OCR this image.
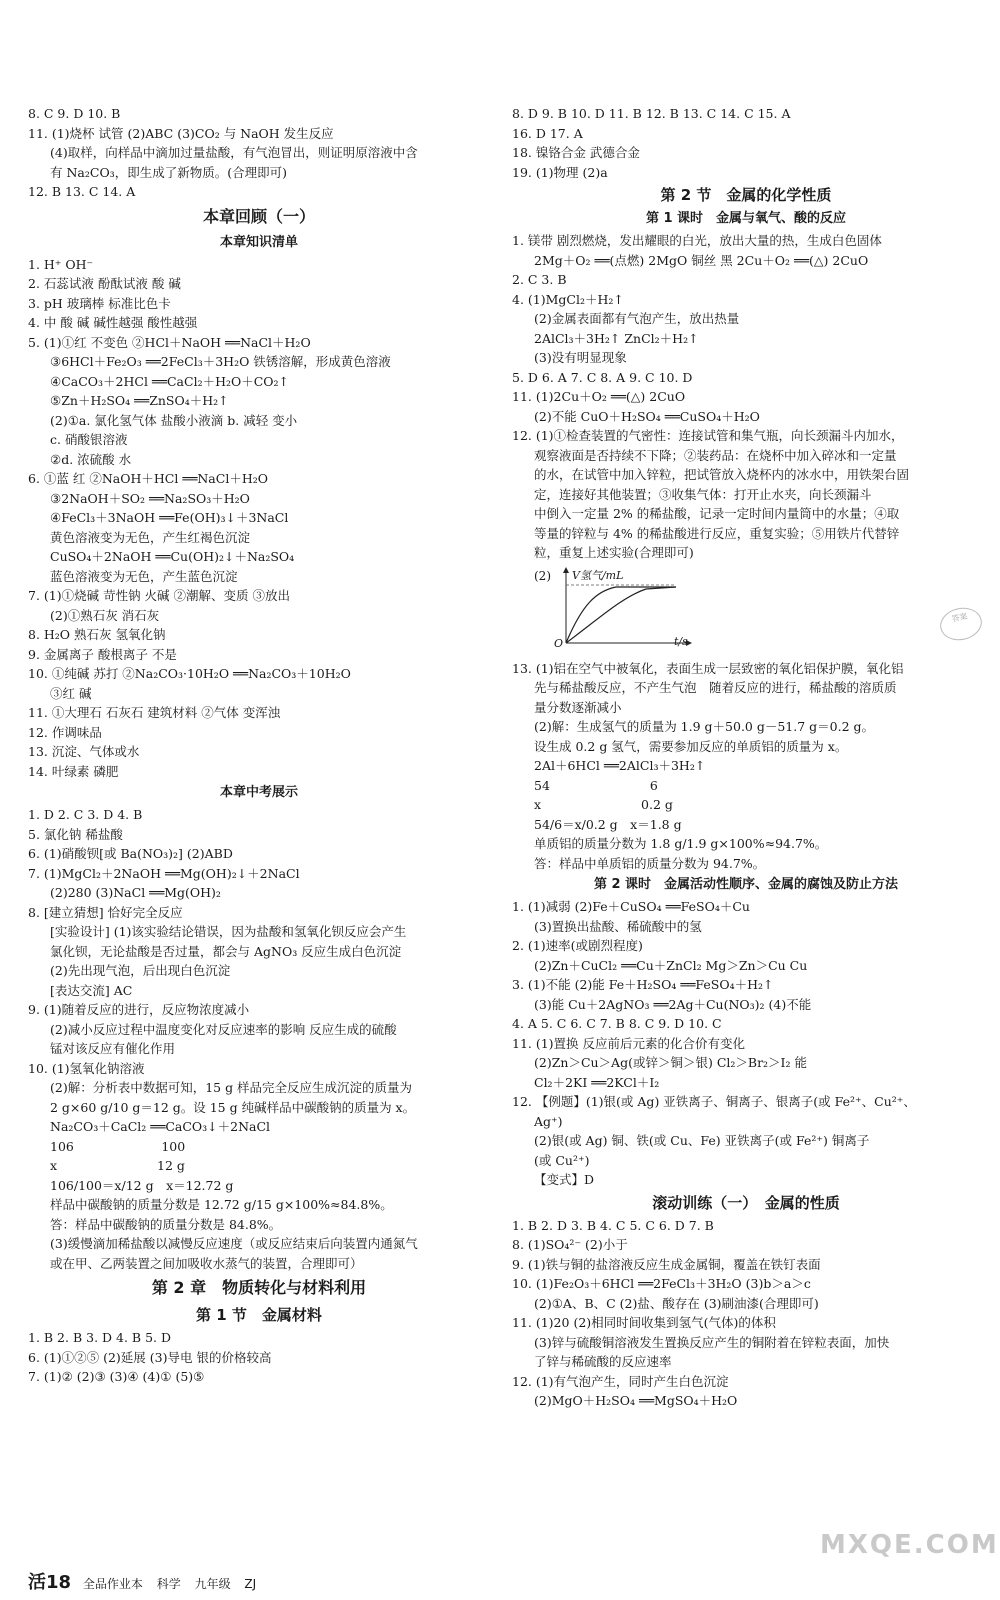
8. C 9. D 10. B

11. (1)烧杯 试管 (2)ABC (3)CO₂ 与 NaOH 发生反应

(4)取样，向样品中滴加过量盐酸，有气泡冒出，则证明原溶液中含

有 Na₂CO₃，即生成了新物质。(合理即可)

12. B 13. C 14. A

本章回顾（一）

本章知识清单

1. H⁺ OH⁻

2. 石蕊试液 酚酞试液 酸 碱

3. pH 玻璃棒 标准比色卡

4. 中 酸 碱 碱性越强 酸性越强

5. (1)①红 不变色 ②HCl＋NaOH ══NaCl＋H₂O

③6HCl＋Fe₂O₃ ══2FeCl₃＋3H₂O 铁锈溶解，形成黄色溶液

④CaCO₃＋2HCl ══CaCl₂＋H₂O＋CO₂↑

⑤Zn＋H₂SO₄ ══ZnSO₄＋H₂↑

(2)①a. 氯化氢气体 盐酸小液滴 b. 减轻 变小

c. 硝酸银溶液

②d. 浓硫酸 水

6. ①蓝 红 ②NaOH＋HCl ══NaCl＋H₂O

③2NaOH＋SO₂ ══Na₂SO₃＋H₂O

④FeCl₃＋3NaOH ══Fe(OH)₃↓＋3NaCl

黄色溶液变为无色，产生红褐色沉淀

CuSO₄＋2NaOH ══Cu(OH)₂↓＋Na₂SO₄

蓝色溶液变为无色，产生蓝色沉淀

7. (1)①烧碱 苛性钠 火碱 ②潮解、变质 ③放出

(2)①熟石灰 消石灰

8. H₂O 熟石灰 氢氧化钠

9. 金属离子 酸根离子 不是

10. ①纯碱 苏打 ②Na₂CO₃·10H₂O ══Na₂CO₃＋10H₂O

③红 碱

11. ①大理石 石灰石 建筑材料 ②气体 变浑浊

12. 作调味品

13. 沉淀、气体或水

14. 叶绿素 磷肥

本章中考展示

1. D 2. C 3. D 4. B

5. 氯化钠 稀盐酸

6. (1)硝酸钡[或 Ba(NO₃)₂] (2)ABD

7. (1)MgCl₂＋2NaOH ══Mg(OH)₂↓＋2NaCl

(2)280 (3)NaCl ══Mg(OH)₂

8. [建立猜想] 恰好完全反应

[实验设计] (1)该实验结论错误，因为盐酸和氢氧化钡反应会产生

氯化钡，无论盐酸是否过量，都会与 AgNO₃ 反应生成白色沉淀

(2)先出现气泡，后出现白色沉淀

[表达交流] AC

9. (1)随着反应的进行，反应物浓度减小

(2)减小反应过程中温度变化对反应速率的影响 反应生成的硫酸

锰对该反应有催化作用

10. (1)氢氧化钠溶液

(2)解：分析表中数据可知，15 g 样品完全反应生成沉淀的质量为

2 g×60 g/10 g＝12 g。设 15 g 纯碱样品中碳酸钠的质量为 x。

Na₂CO₃＋CaCl₂ ══CaCO₃↓＋2NaCl

106　　　　　　　100

x　　　　　　　　12 g

106/100＝x/12 g　x＝12.72 g

样品中碳酸钠的质量分数是 12.72 g/15 g×100%≈84.8%。

答：样品中碳酸钠的质量分数是 84.8%。

(3)缓慢滴加稀盐酸以减慢反应速度（或反应结束后向装置内通氮气

或在甲、乙两装置之间加吸收水蒸气的装置，合理即可）

第 2 章　物质转化与材料利用

第 1 节　金属材料

1. B 2. B 3. D 4. B 5. D

6. (1)①②⑤ (2)延展 (3)导电 银的价格较高

7. (1)② (2)③ (3)④ (4)① (5)⑤

8. D 9. B 10. D 11. B 12. B 13. C 14. C 15. A

16. D 17. A

18. 镍铬合金 武德合金

19. (1)物理 (2)a

第 2 节　金属的化学性质

第 1 课时　金属与氧气、酸的反应

1. 镁带 剧烈燃烧，发出耀眼的白光，放出大量的热，生成白色固体

2Mg＋O₂ ══(点燃) 2MgO 铜丝 黑 2Cu＋O₂ ══(△) 2CuO

2. C 3. B

4. (1)MgCl₂＋H₂↑

(2)金属表面都有气泡产生，放出热量

2AlCl₃＋3H₂↑ ZnCl₂＋H₂↑

(3)没有明显现象

5. D 6. A 7. C 8. A 9. C 10. D

11. (1)2Cu＋O₂ ══(△) 2CuO

(2)不能 CuO＋H₂SO₄ ══CuSO₄＋H₂O

12. (1)①检查装置的气密性：连接试管和集气瓶，向长颈漏斗内加水，

观察液面是否持续不下降；②装药品：在烧杯中加入碎冰和一定量

的水，在试管中加入锌粒，把试管放入烧杯内的冰水中，用铁架台固

定，连接好其他装置；③收集气体：打开止水夹，向长颈漏斗

中倒入一定量 2% 的稀盐酸，记录一定时间内量筒中的水量；④取

等量的锌粒与 4% 的稀盐酸进行反应，重复实验；⑤用铁片代替锌

粒，重复上述实验(合理即可)

(2) V氢气/mL
t/s
O

13. (1)铝在空气中被氧化，表面生成一层致密的氧化铝保护膜，氧化铝

先与稀盐酸反应，不产生气泡　随着反应的进行，稀盐酸的溶质质

量分数逐渐减小

(2)解：生成氢气的质量为 1.9 g＋50.0 g－51.7 g＝0.2 g。

设生成 0.2 g 氢气，需要参加反应的单质铝的质量为 x。

2Al＋6HCl ══2AlCl₃＋3H₂↑

54　　　　　　　　6

x　　　　　　　　0.2 g

54/6＝x/0.2 g　x＝1.8 g

单质铝的质量分数为 1.8 g/1.9 g×100%≈94.7%。

答：样品中单质铝的质量分数为 94.7%。

第 2 课时　金属活动性顺序、金属的腐蚀及防止方法

1. (1)减弱 (2)Fe＋CuSO₄ ══FeSO₄＋Cu

(3)置换出盐酸、稀硫酸中的氢

2. (1)速率(或剧烈程度)

(2)Zn＋CuCl₂ ══Cu＋ZnCl₂ Mg＞Zn＞Cu Cu

3. (1)不能 (2)能 Fe＋H₂SO₄ ══FeSO₄＋H₂↑

(3)能 Cu＋2AgNO₃ ══2Ag＋Cu(NO₃)₂ (4)不能

4. A 5. C 6. C 7. B 8. C 9. D 10. C

11. (1)置换 反应前后元素的化合价有变化

(2)Zn＞Cu＞Ag(或锌＞铜＞银) Cl₂＞Br₂＞I₂ 能

Cl₂＋2KI ══2KCl＋I₂

12. 【例题】(1)银(或 Ag) 亚铁离子、铜离子、银离子(或 Fe²⁺、Cu²⁺、

Ag⁺)

(2)银(或 Ag) 铜、铁(或 Cu、Fe) 亚铁离子(或 Fe²⁺) 铜离子

(或 Cu²⁺)

【变式】D

滚动训练（一）　金属的性质

1. B 2. D 3. B 4. C 5. C 6. D 7. B

8. (1)SO₄²⁻ (2)小于

9. (1)铁与铜的盐溶液反应生成金属铜，覆盖在铁钉表面

10. (1)Fe₂O₃＋6HCl ══2FeCl₃＋3H₂O (3)b＞a＞c

(2)①A、B、C (2)盐、酸存在 (3)刷油漆(合理即可)

11. (1)20 (2)相同时间收集到氢气(气体)的体积

(3)锌与硫酸铜溶液发生置换反应产生的铜附着在锌粒表面，加快

了锌与稀硫酸的反应速率

12. (1)有气泡产生，同时产生白色沉淀

(2)MgO＋H₂SO₄ ══MgSO₄＋H₂O

答案
活18 全品作业本 科学 九年级 ZJ
MXQE.COM
